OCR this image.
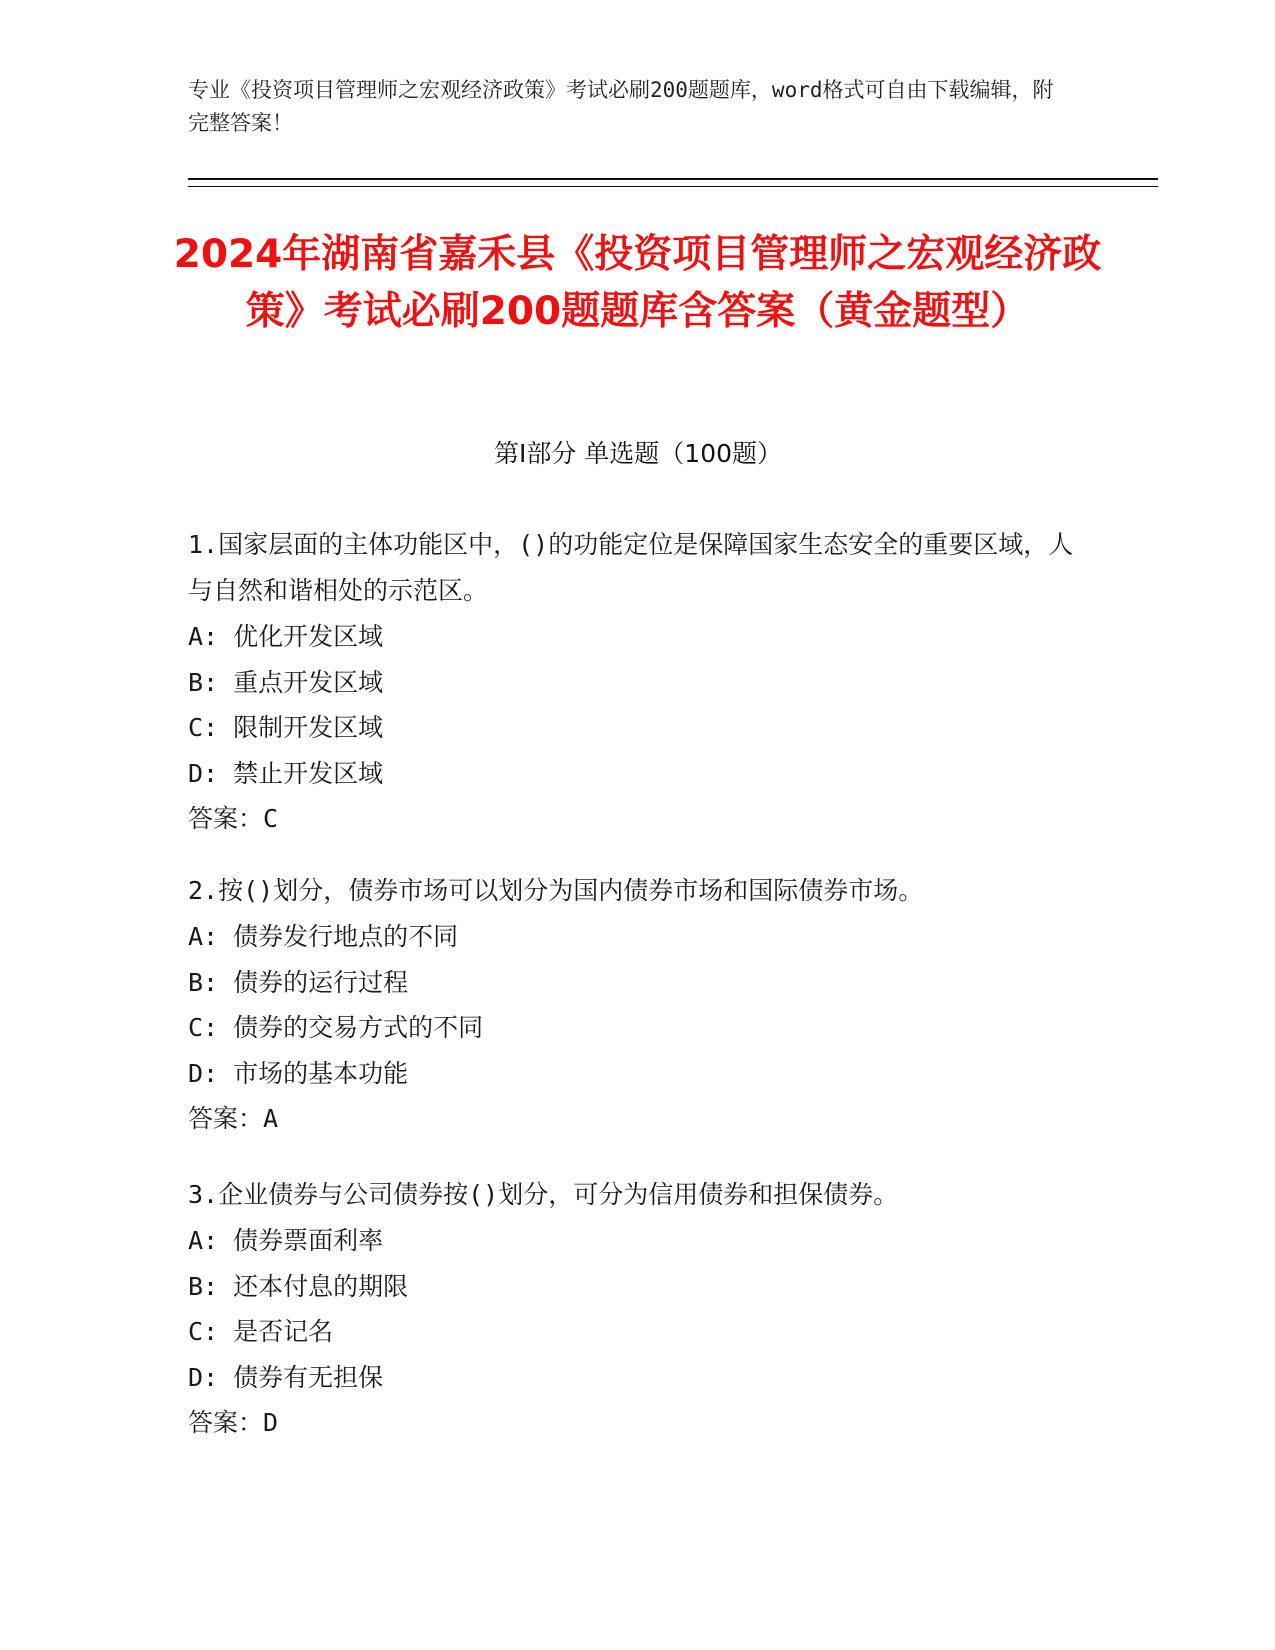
专业《投资项目管理师之宏观经济政策》考试必刷200题题库，word格式可自由下载编辑，附完整答案！
2024年湖南省嘉禾县《投资项目管理师之宏观经济政策》考试必刷200题题库含答案（黄金题型）
第Ⅰ部分 单选题（100题）

1.国家层面的主体功能区中，()的功能定位是保障国家生态安全的重要区域，人与自然和谐相处的示范区。

A: 优化开发区域

B: 重点开发区域

C: 限制开发区域

D: 禁止开发区域

答案：C

2.按()划分，债券市场可以划分为国内债券市场和国际债券市场。

A: 债券发行地点的不同

B: 债券的运行过程

C: 债券的交易方式的不同

D: 市场的基本功能

答案：A

3.企业债券与公司债券按()划分，可分为信用债券和担保债券。

A: 债券票面利率

B: 还本付息的期限

C: 是否记名

D: 债券有无担保

答案：D
